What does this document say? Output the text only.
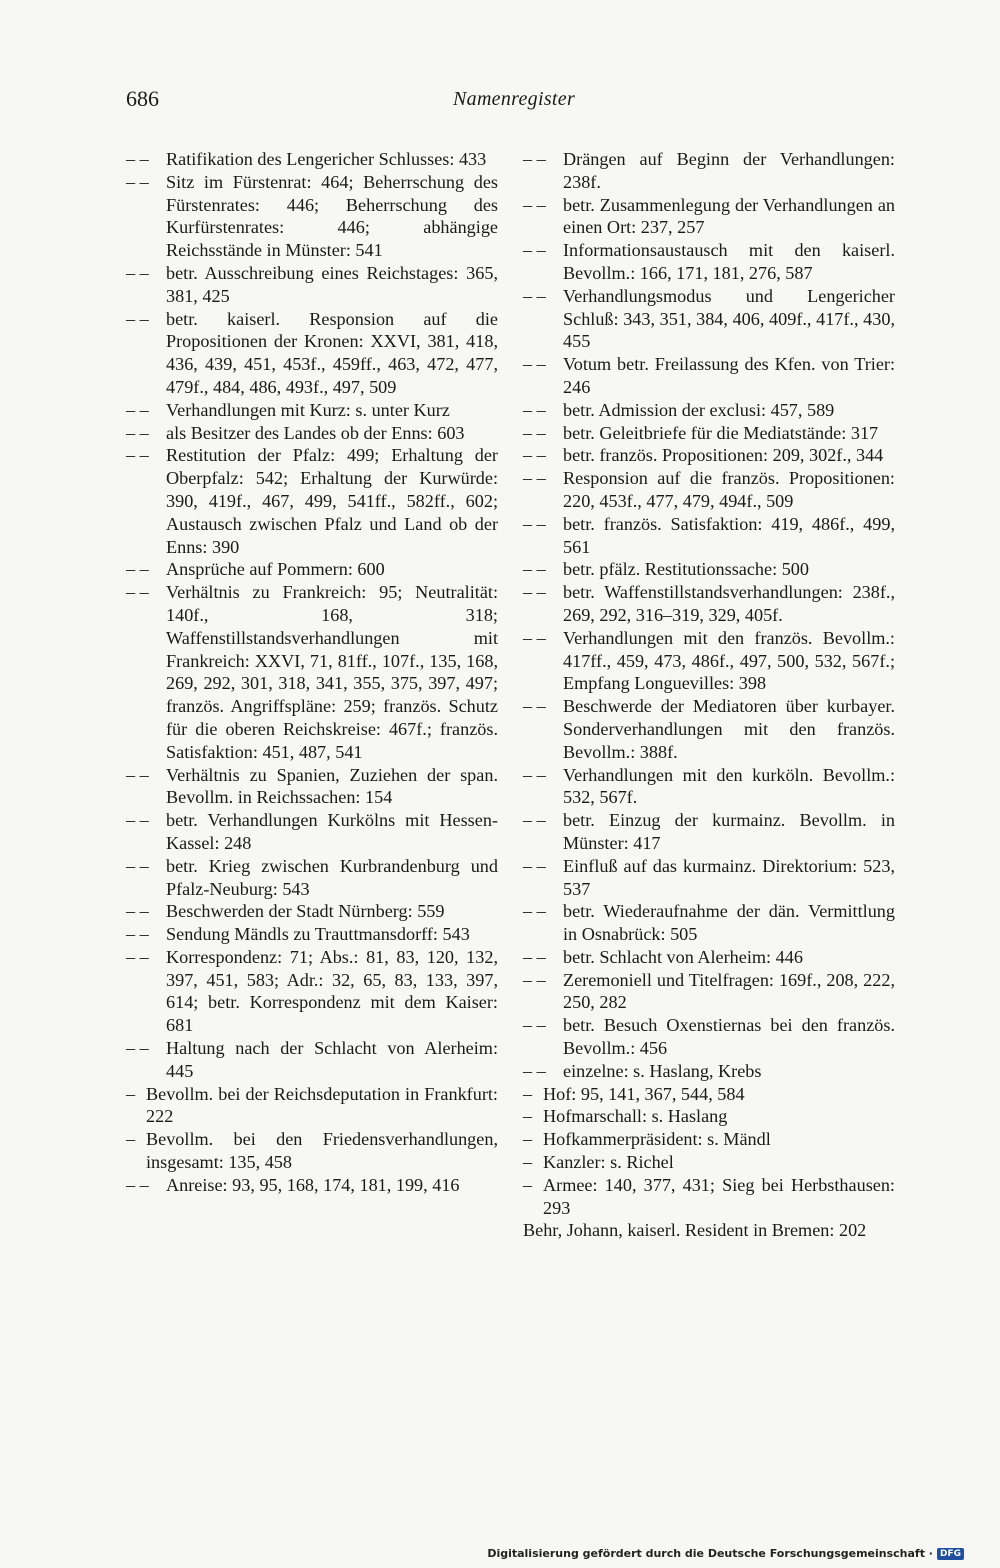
686	Namenregister
– – Ratifikation des Lengericher Schlusses: 433
– – Sitz im Fürstenrat: 464; Beherrschung des Fürstenrates: 446; Beherrschung des Kurfürstenrates: 446; abhängige Reichsstände in Münster: 541
– – betr. Ausschreibung eines Reichstages: 365, 381, 425
– – betr. kaiserl. Responsion auf die Propositionen der Kronen: XXVI, 381, 418, 436, 439, 451, 453f., 459ff., 463, 472, 477, 479f., 484, 486, 493f., 497, 509
– – Verhandlungen mit Kurz: s. unter Kurz
– – als Besitzer des Landes ob der Enns: 603
– – Restitution der Pfalz: 499; Erhaltung der Oberpfalz: 542; Erhaltung der Kurwürde: 390, 419f., 467, 499, 541ff., 582ff., 602; Austausch zwischen Pfalz und Land ob der Enns: 390
– – Ansprüche auf Pommern: 600
– – Verhältnis zu Frankreich: 95; Neutralität: 140f., 168, 318; Waffenstillstandsverhandlungen mit Frankreich: XXVI, 71, 81ff., 107f., 135, 168, 269, 292, 301, 318, 341, 355, 375, 397, 497; französ. Angriffspläne: 259; französ. Schutz für die oberen Reichskreise: 467f.; französ. Satisfaktion: 451, 487, 541
– – Verhältnis zu Spanien, Zuziehen der span. Bevollm. in Reichssachen: 154
– – betr. Verhandlungen Kurkölns mit Hessen-Kassel: 248
– – betr. Krieg zwischen Kurbrandenburg und Pfalz-Neuburg: 543
– – Beschwerden der Stadt Nürnberg: 559
– – Sendung Mändls zu Trauttmansdorff: 543
– – Korrespondenz: 71; Abs.: 81, 83, 120, 132, 397, 451, 583; Adr.: 32, 65, 83, 133, 397, 614; betr. Korrespondenz mit dem Kaiser: 681
– – Haltung nach der Schlacht von Alerheim: 445
– Bevollm. bei der Reichsdeputation in Frankfurt: 222
– Bevollm. bei den Friedensverhandlungen, insgesamt: 135, 458
– – Anreise: 93, 95, 168, 174, 181, 199, 416
– – Drängen auf Beginn der Verhandlungen: 238f.
– – betr. Zusammenlegung der Verhandlungen an einen Ort: 237, 257
– – Informationsaustausch mit den kaiserl. Bevollm.: 166, 171, 181, 276, 587
– – Verhandlungsmodus und Lengericher Schluß: 343, 351, 384, 406, 409f., 417f., 430, 455
– – Votum betr. Freilassung des Kfen. von Trier: 246
– – betr. Admission der exclusi: 457, 589
– – betr. Geleitbriefe für die Mediatstände: 317
– – betr. französ. Propositionen: 209, 302f., 344
– – Responsion auf die französ. Propositionen: 220, 453f., 477, 479, 494f., 509
– – betr. französ. Satisfaktion: 419, 486f., 499, 561
– – betr. pfälz. Restitutionssache: 500
– – betr. Waffenstillstandsverhandlungen: 238f., 269, 292, 316–319, 329, 405f.
– – Verhandlungen mit den französ. Bevollm.: 417ff., 459, 473, 486f., 497, 500, 532, 567f.; Empfang Longuevilles: 398
– – Beschwerde der Mediatoren über kurbayer. Sonderverhandlungen mit den französ. Bevollm.: 388f.
– – Verhandlungen mit den kurköln. Bevollm.: 532, 567f.
– – betr. Einzug der kurmainz. Bevollm. in Münster: 417
– – Einfluß auf das kurmainz. Direktorium: 523, 537
– – betr. Wiederaufnahme der dän. Vermittlung in Osnabrück: 505
– – betr. Schlacht von Alerheim: 446
– – Zeremoniell und Titelfragen: 169f., 208, 222, 250, 282
– – betr. Besuch Oxenstiernas bei den französ. Bevollm.: 456
– – einzelne: s. Haslang, Krebs
– Hof: 95, 141, 367, 544, 584
– Hofmarschall: s. Haslang
– Hofkammerpräsident: s. Mändl
– Kanzler: s. Richel
– Armee: 140, 377, 431; Sieg bei Herbsthausen: 293
Behr, Johann, kaiserl. Resident in Bremen: 202
Digitalisierung gefördert durch die Deutsche Forschungsgemeinschaft · DFG
